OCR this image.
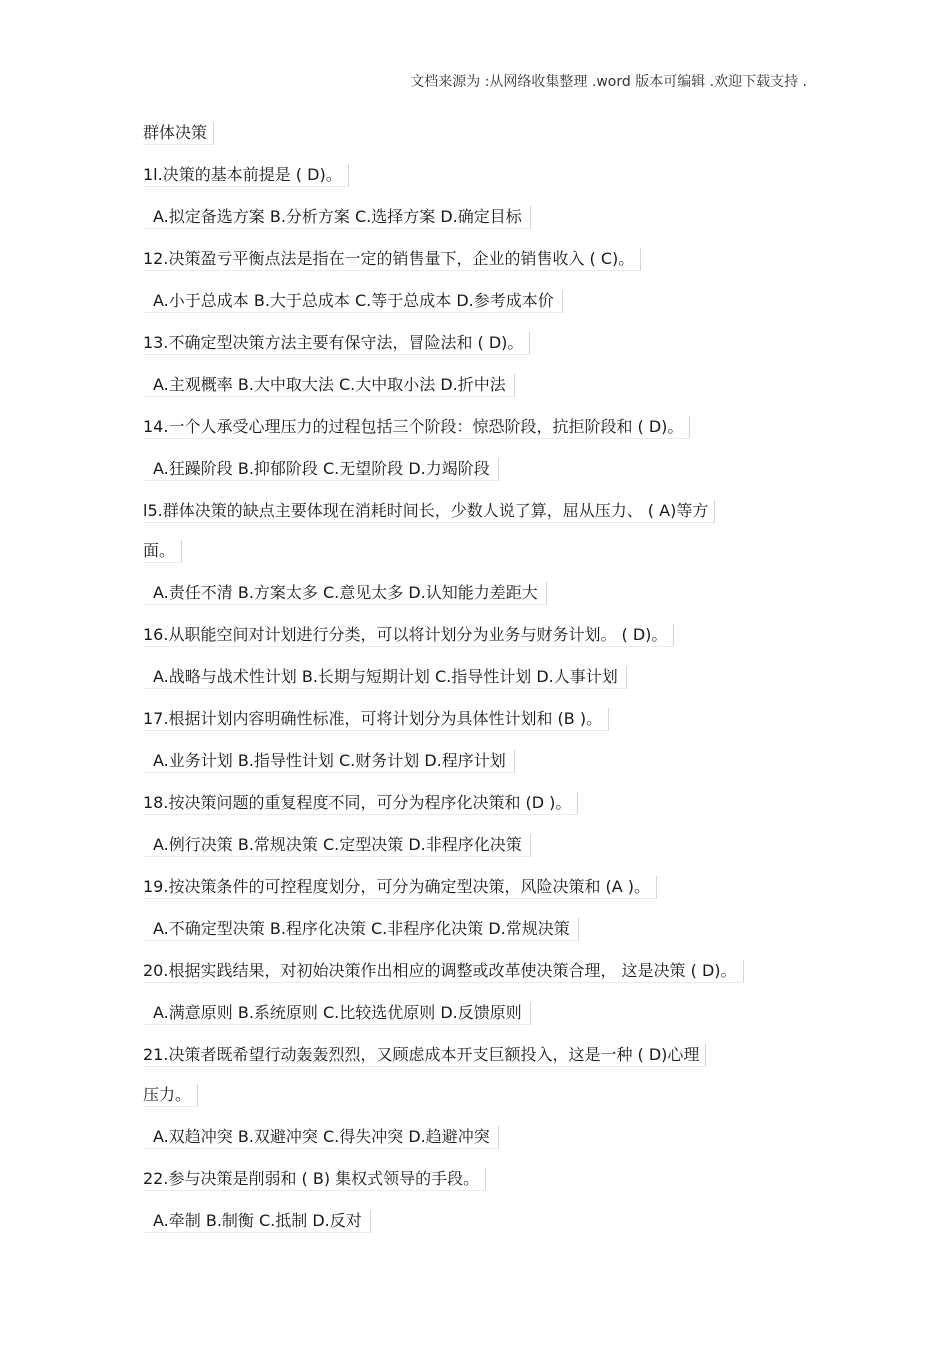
文档来源为 :从网络收集整理 .word 版本可编辑 .欢迎下载支持 .
群体决策
1l.决策的基本前提是 ( D)。
A.拟定备选方案 B.分析方案 C.选择方案 D.确定目标
12.决策盈亏平衡点法是指在一定的销售量下，企业的销售收入 ( C)。
A.小于总成本 B.大于总成本 C.等于总成本 D.参考成本价
13.不确定型决策方法主要有保守法，冒险法和 ( D)。
A.主观概率 B.大中取大法 C.大中取小法 D.折中法
14.一个人承受心理压力的过程包括三个阶段：惊恐阶段，抗拒阶段和 ( D)。
A.狂躁阶段 B.抑郁阶段 C.无望阶段 D.力竭阶段
l5.群体决策的缺点主要体现在消耗时间长，少数人说了算，屈从压力、 ( A)等方
面。
A.责任不清 B.方案太多 C.意见太多 D.认知能力差距大
16.从职能空间对计划进行分类，可以将计划分为业务与财务计划。 ( D)。
A.战略与战术性计划 B.长期与短期计划 C.指导性计划 D.人事计划
17.根据计划内容明确性标准，可将计划分为具体性计划和 (B )。
A.业务计划 B.指导性计划 C.财务计划 D.程序计划
18.按决策问题的重复程度不同，可分为程序化决策和 (D )。
A.例行决策 B.常规决策 C.定型决策 D.非程序化决策
19.按决策条件的可控程度划分，可分为确定型决策，风险决策和 (A )。
A.不确定型决策 B.程序化决策 C.非程序化决策 D.常规决策
20.根据实践结果，对初始决策作出相应的调整或改革使决策合理， 这是决策 ( D)。
A.满意原则 B.系统原则 C.比较选优原则 D.反馈原则
21.决策者既希望行动轰轰烈烈，又顾虑成本开支巨额投入，这是一种 ( D)心理
压力。
A.双趋冲突 B.双避冲突 C.得失冲突 D.趋避冲突
22.参与决策是削弱和 ( B) 集权式领导的手段。
A.牵制 B.制衡 C.抵制 D.反对
